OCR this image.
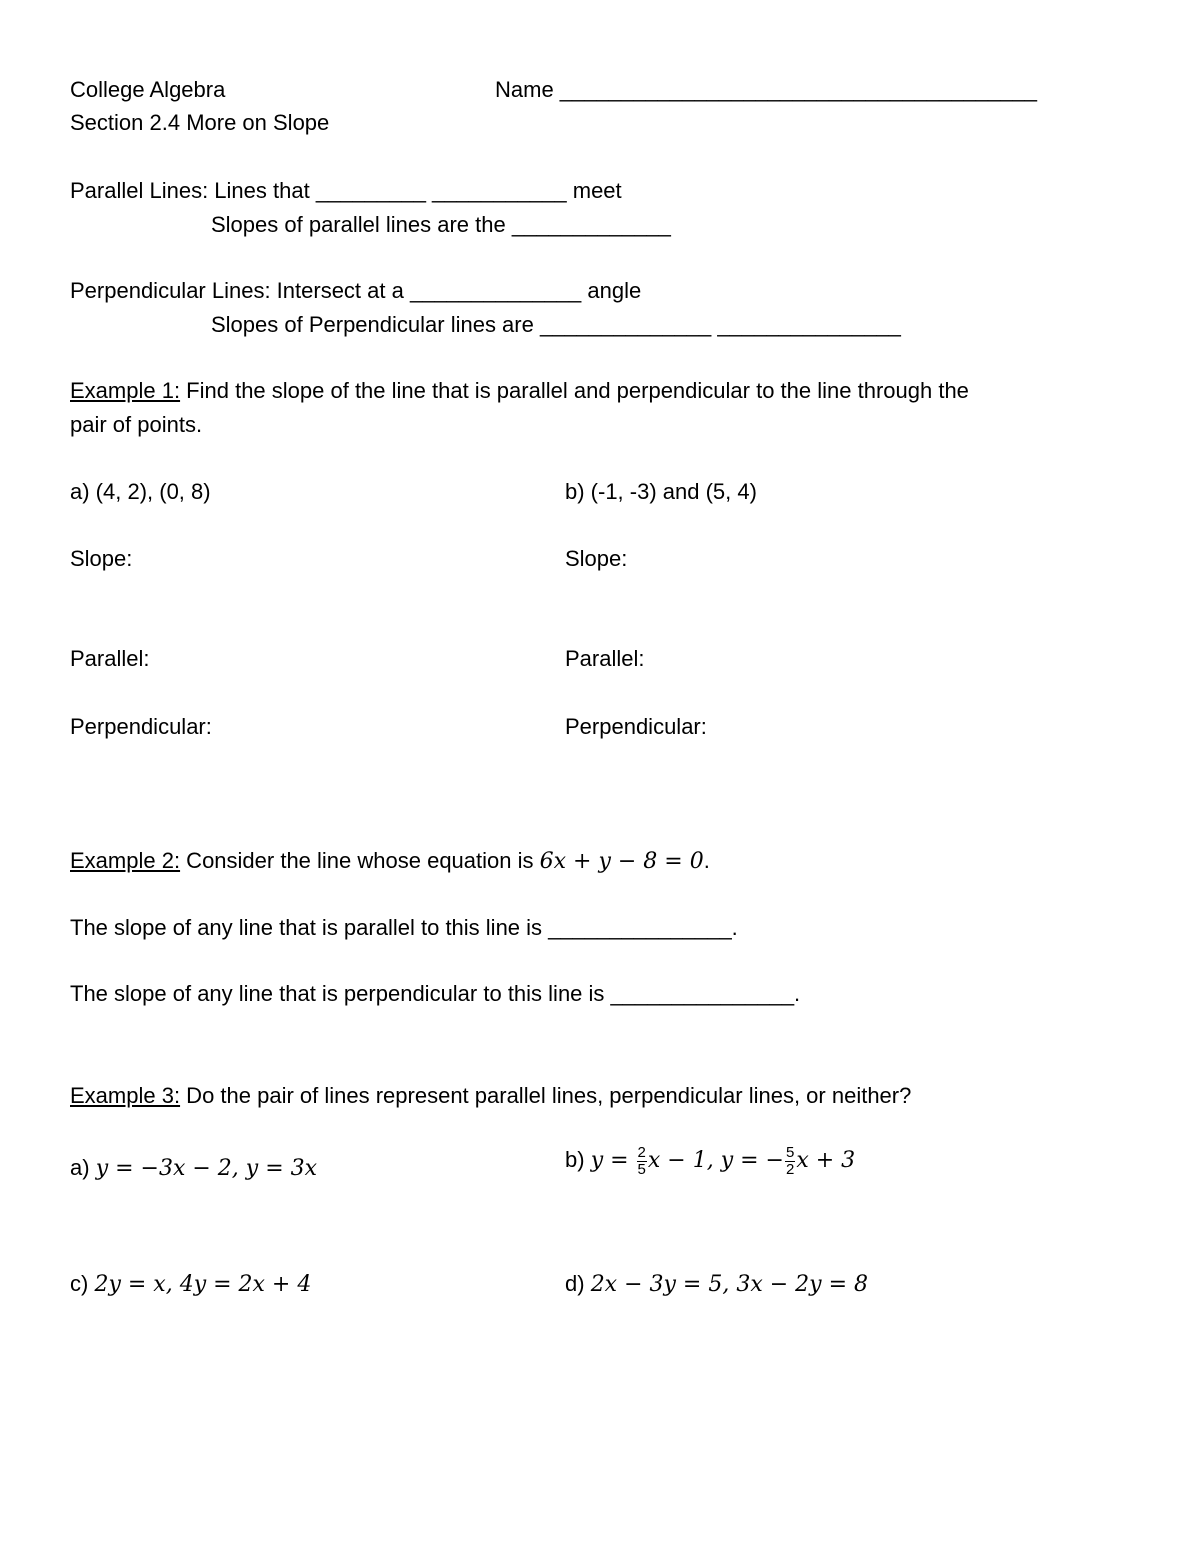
College Algebra	Name _______________________________________
Section 2.4 More on Slope
Parallel Lines: Lines that _________ ___________ meet
Slopes of parallel lines are the _____________
Perpendicular Lines: Intersect at a ______________ angle
Slopes of Perpendicular lines are ______________ _______________
Example 1: Find the slope of the line that is parallel and perpendicular to the line through the
pair of points.
a) (4, 2), (0, 8)	b) (-1, -3) and (5, 4)
Slope:	Slope:
Parallel:	Parallel:
Perpendicular:	Perpendicular:
Example 2: Consider the line whose equation is 6x + y − 8 = 0.
The slope of any line that is parallel to this line is _______________.
The slope of any line that is perpendicular to this line is _______________.
Example 3: Do the pair of lines represent parallel lines, perpendicular lines, or neither?
a) y = −3x − 2, y = 3x	b) $y = \frac{2}{5}$ x − 1, y = − $\frac{5}{2}$ x + 3
c) 2y = x, 4y = 2x + 4	d) 2x − 3y = 5, 3x − 2y = 8
